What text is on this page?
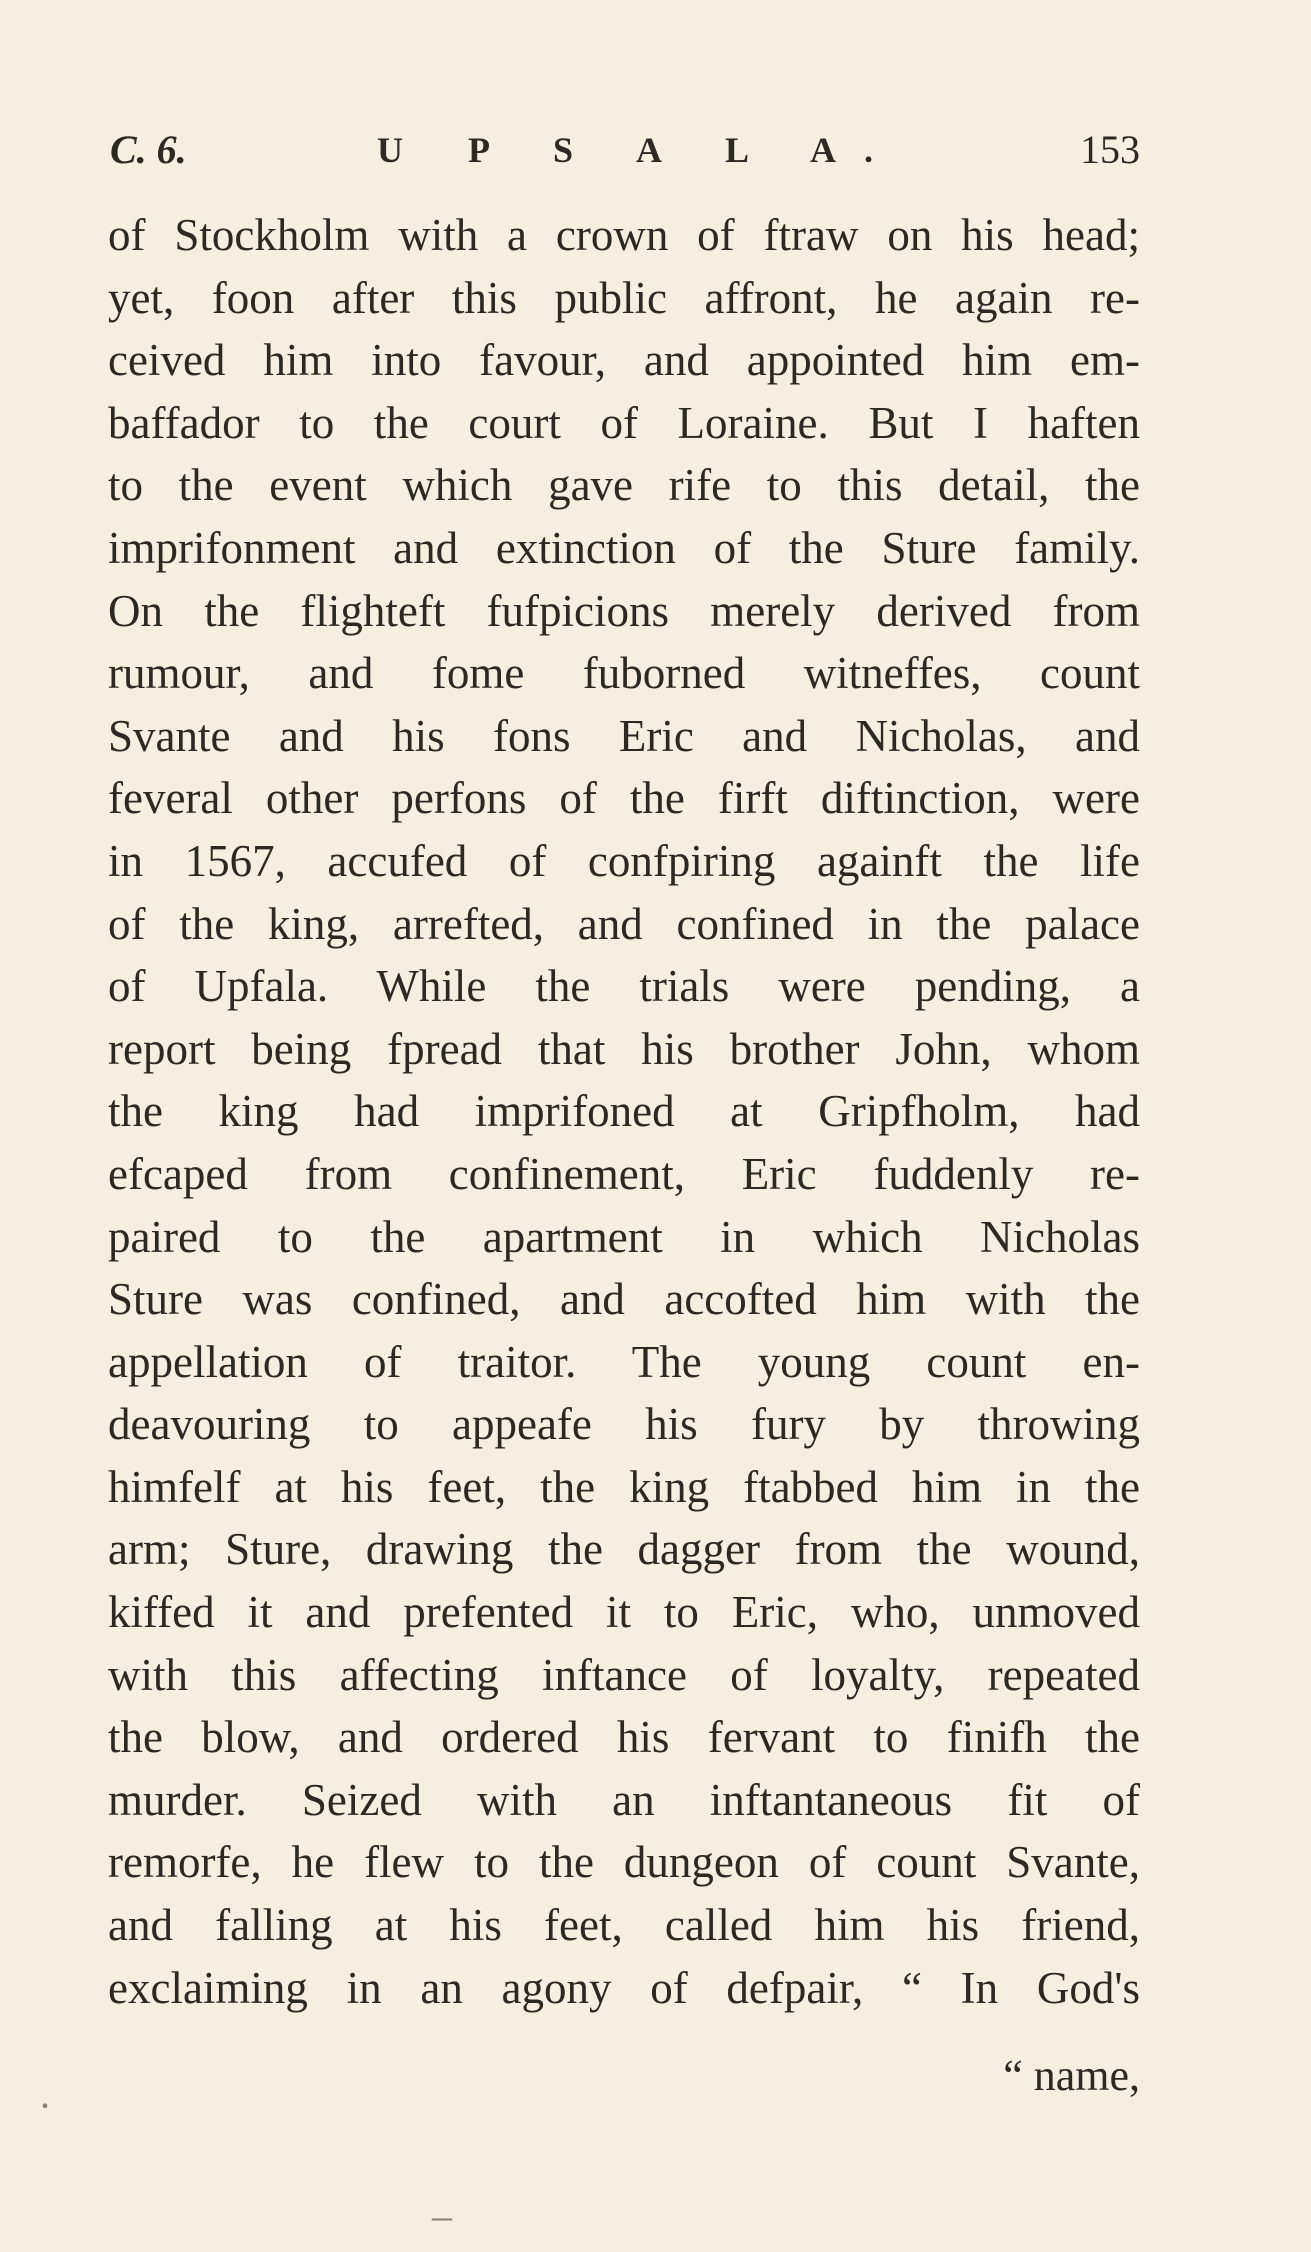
C. 6.	U P S A L A.	153
of Stockholm with a crown of ftraw on his head;
yet, foon after this public affront, he again re-
ceived him into favour, and appointed him em-
baffador to the court of Loraine. But I haften
to the event which gave rife to this detail, the
imprifonment and extinction of the Sture family.
On the flighteft fufpicions merely derived from
rumour, and fome fuborned witneffes, count
Svante and his fons Eric and Nicholas, and
feveral other perfons of the firft diftinction, were
in 1567, accufed of confpiring againft the life
of the king, arrefted, and confined in the palace
of Upfala. While the trials were pending, a
report being fpread that his brother John, whom
the king had imprifoned at Gripfholm, had
efcaped from confinement, Eric fuddenly re-
paired to the apartment in which Nicholas
Sture was confined, and accofted him with the
appellation of traitor. The young count en-
deavouring to appeafe his fury by throwing
himfelf at his feet, the king ftabbed him in the
arm; Sture, drawing the dagger from the wound,
kiffed it and prefented it to Eric, who, unmoved
with this affecting inftance of loyalty, repeated
the blow, and ordered his fervant to finifh the
murder. Seized with an inftantaneous fit of
remorfe, he flew to the dungeon of count Svante,
and falling at his feet, called him his friend,
exclaiming in an agony of defpair, “ In God's
“ name,
∙
–
